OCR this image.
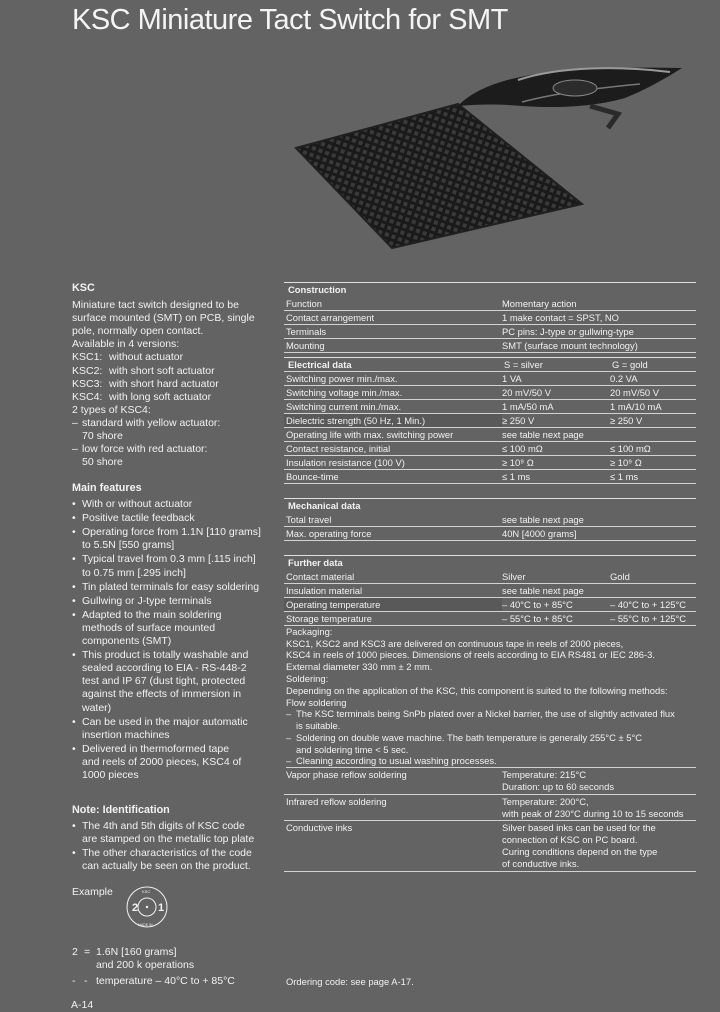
KSC Miniature Tact Switch for SMT
KSC
Miniature tact switch designed to be
surface mounted (SMT) on PCB, single
pole, normally open contact.
Available in 4 versions:
KSC1: without actuator
KSC2: with short soft actuator
KSC3: with short hard actuator
KSC4: with long soft actuator
2 types of KSC4:
– standard with yellow actuator:
70 shore
– low force with red actuator:
50 shore
Main features
• With or without actuator
• Positive tactile feedback
• Operating force from 1.1N [110 grams]
to 5.5N [550 grams]
• Typical travel from 0.3 mm [.115 inch]
to 0.75 mm [.295 inch]
• Tin plated terminals for easy soldering
• Gullwing or J-type terminals
• Adapted to the main soldering
methods of surface mounted
components (SMT)
• This product is totally washable and
sealed according to EIA - RS-448-2
test and IP 67 (dust tight, protected
against the effects of immersion in
water)
• Can be used in the major automatic
insertion machines
• Delivered in thermoformed tape
and reels of 2000 pieces, KSC4 of
1000 pieces
Note: Identification
• The 4th and 5th digits of KSC code
are stamped on the metallic top plate
• The other characteristics of the code
can actually be seen on the product.
Example
2 1
KSC
MADE IN
2 = 1.6N [160 grams]
and 200 k operations
- - temperature – 40°C to + 85°C
Construction
Function	Momentary action
Contact arrangement	1 make contact = SPST, NO
Terminals	PC pins: J-type or gullwing-type
Mounting	SMT (surface mount technology)
Electrical data	S = silver	G = gold
Switching power min./max.	1 VA	0.2 VA
Switching voltage min./max.	20 mV/50 V	20 mV/50 V
Switching current min./max.	1 mA/50 mA	1 mA/10 mA
Dielectric strength (50 Hz, 1 Min.)	≥ 250 V	≥ 250 V
Operating life with max. switching power	see table next page
Contact resistance, initial	≤ 100 mΩ	≤ 100 mΩ
Insulation resistance (100 V)	≥ 10⁹ Ω	≥ 10⁹ Ω
Bounce-time	≤ 1 ms	≤ 1 ms
Mechanical data
Total travel	see table next page
Max. operating force	40N [4000 grams]
Further data
Contact material	Silver	Gold
Insulation material	see table next page
Operating temperature	– 40°C to + 85°C	– 40°C to + 125°C
Storage temperature	– 55°C to + 85°C	– 55°C to + 125°C
Packaging:
KSC1, KSC2 and KSC3 are delivered on continuous tape in reels of 2000 pieces,
KSC4 in reels of 1000 pieces. Dimensions of reels according to EIA RS481 or IEC 286-3.
External diameter 330 mm ± 2 mm.
Soldering:
Depending on the application of the KSC, this component is suited to the following methods:
Flow soldering
– The KSC terminals being SnPb plated over a Nickel barrier, the use of slightly activated flux
is suitable.
– Soldering on double wave machine. The bath temperature is generally 255°C ± 5°C
and soldering time < 5 sec.
– Cleaning according to usual washing processes.
Vapor phase reflow soldering	Temperature: 215°C
Duration: up to 60 seconds
Infrared reflow soldering	Temperature: 200°C,
with peak of 230°C during 10 to 15 seconds
Conductive inks	Silver based inks can be used for the
connection of KSC on PC board.
Curing conditions depend on the type
of conductive inks.
Ordering code: see page A-17.
A-14
